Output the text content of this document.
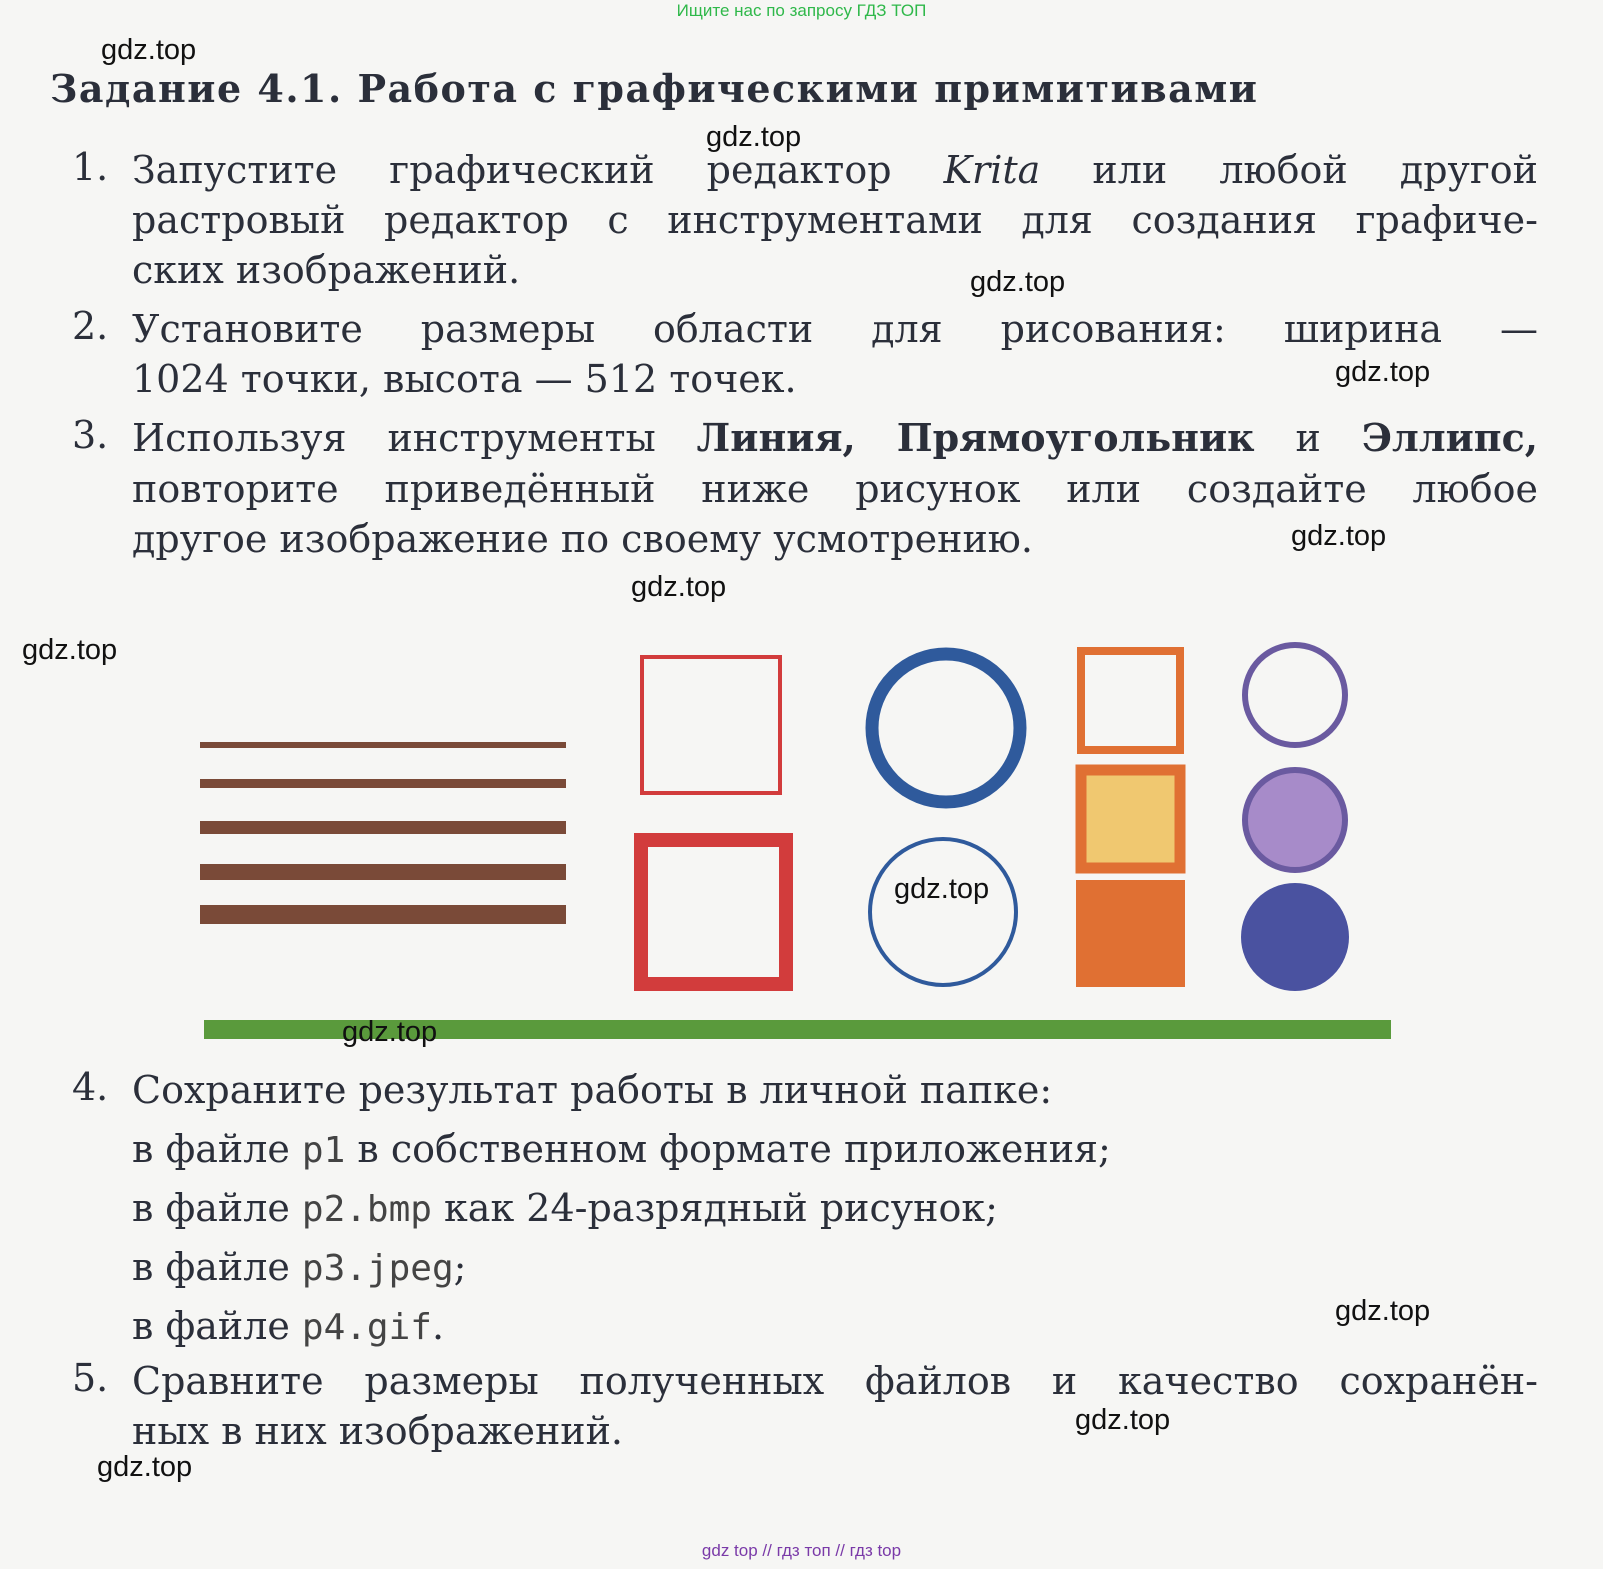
Ищите нас по запросу ГДЗ ТОП
gdz top // гдз топ // гдз top
Задание 4.1. Работа с графическими примитивами
1. Запустите графический редактор Krita или любой другой
растровый редактор с инструментами для создания графиче-
ских изображений.
2. Установите размеры области для рисования: ширина —
1024 точки, высота — 512 точек.
3. Используя инструменты Линия, Прямоугольник и Эллипс,
повторите приведённый ниже рисунок или создайте любое
другое изображение по своему усмотрению.
4. Сохраните результат работы в личной папке:
в файле p1 в собственном формате приложения;
в файле p2.bmp как 24-разрядный рисунок;
в файле p3.jpeg;
в файле p4.gif.
5. Сравните размеры полученных файлов и качество сохранён-
ных в них изображений.
gdz.top
gdz.top
gdz.top
gdz.top
gdz.top
gdz.top
gdz.top
gdz.top
gdz.top
gdz.top
gdz.top
gdz.top
